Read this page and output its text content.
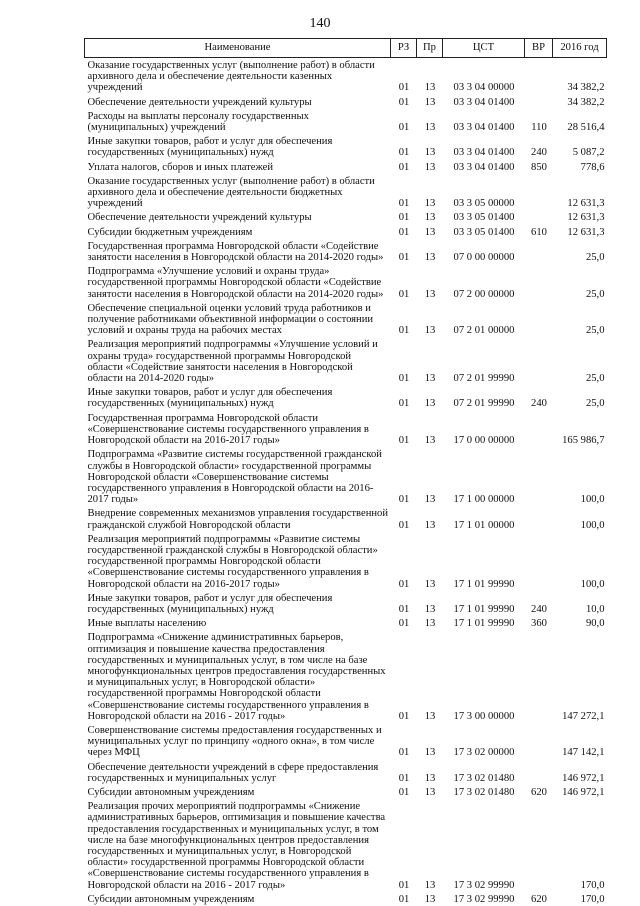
140
Наименование	РЗ	Пр	ЦСТ	ВР	2016 год
Оказание государственных услуг (выполнение работ) в области архивного дела и обеспечение деятельности казенных учреждений	01	13	03 3 04 00000		34 382,2
Обеспечение деятельности учреждений культуры	01	13	03 3 04 01400		34 382,2
Расходы на выплаты персоналу государственных (муниципальных) учреждений	01	13	03 3 04 01400	110	28 516,4
Иные закупки товаров, работ и услуг для обеспечения государственных (муниципальных) нужд	01	13	03 3 04 01400	240	5 087,2
Уплата налогов, сборов и иных платежей	01	13	03 3 04 01400	850	778,6
Оказание государственных услуг (выполнение работ) в области архивного дела и обеспечение деятельности бюджетных учреждений	01	13	03 3 05 00000		12 631,3
Обеспечение деятельности учреждений культуры	01	13	03 3 05 01400		12 631,3
Субсидии бюджетным учреждениям	01	13	03 3 05 01400	610	12 631,3
Государственная программа Новгородской области «Содействие занятости населения в Новгородской области на 2014-2020 годы»	01	13	07 0 00 00000		25,0
Подпрограмма «Улучшение условий и охраны труда» государственной программы Новгородской области «Содействие занятости населения в Новгородской области на 2014-2020 годы»	01	13	07 2 00 00000		25,0
Обеспечение специальной оценки условий труда работников и получение работниками объективной информации о состоянии условий и охраны труда на рабочих местах	01	13	07 2 01 00000		25,0
Реализация мероприятий подпрограммы «Улучшение условий и охраны труда» государственной программы Новгородской области «Содействие занятости населения в Новгородской области на 2014-2020 годы»	01	13	07 2 01 99990		25,0
Иные закупки товаров, работ и услуг для обеспечения государственных (муниципальных) нужд	01	13	07 2 01 99990	240	25,0
Государственная программа Новгородской области «Совершенствование системы государственного управления в Новгородской области на 2016-2017 годы»	01	13	17 0 00 00000		165 986,7
Подпрограмма «Развитие системы государственной гражданской службы в Новгородской области» государственной программы Новгородской области «Совершенствование системы государственного управления в Новгородской области на 2016-2017 годы»	01	13	17 1 00 00000		100,0
Внедрение современных механизмов управления государственной гражданской службой Новгородской области	01	13	17 1 01 00000		100,0
Реализация мероприятий подпрограммы «Развитие системы государственной гражданской службы в Новгородской области» государственной программы Новгородской области «Совершенствование системы государственного управления в Новгородской области на 2016-2017 годы»	01	13	17 1 01 99990		100,0
Иные закупки товаров, работ и услуг для обеспечения государственных (муниципальных) нужд	01	13	17 1 01 99990	240	10,0
Иные выплаты населению	01	13	17 1 01 99990	360	90,0
Подпрограмма «Снижение административных барьеров, оптимизация и повышение качества предоставления государственных и муниципальных услуг, в том числе на базе многофункциональных центров предоставления государственных и муниципальных услуг, в Новгородской области» государственной программы Новгородской области «Совершенствование системы государственного управления в Новгородской области на 2016 - 2017 годы»	01	13	17 3 00 00000		147 272,1
Совершенствование системы предоставления государственных и муниципальных услуг по принципу «одного окна», в том числе через МФЦ	01	13	17 3 02 00000		147 142,1
Обеспечение деятельности учреждений в сфере предоставления государственных и муниципальных услуг	01	13	17 3 02 01480		146 972,1
Субсидии автономным учреждениям	01	13	17 3 02 01480	620	146 972,1
Реализация прочих мероприятий подпрограммы «Снижение административных барьеров, оптимизация и повышение качества предоставления государственных и муниципальных услуг, в том числе на базе многофункциональных центров предоставления государственных и муниципальных услуг, в Новгородской области» государственной программы Новгородской области «Совершенствование системы государственного управления в Новгородской области на 2016 - 2017 годы»	01	13	17 3 02 99990		170,0
Субсидии автономным учреждениям	01	13	17 3 02 99990	620	170,0
